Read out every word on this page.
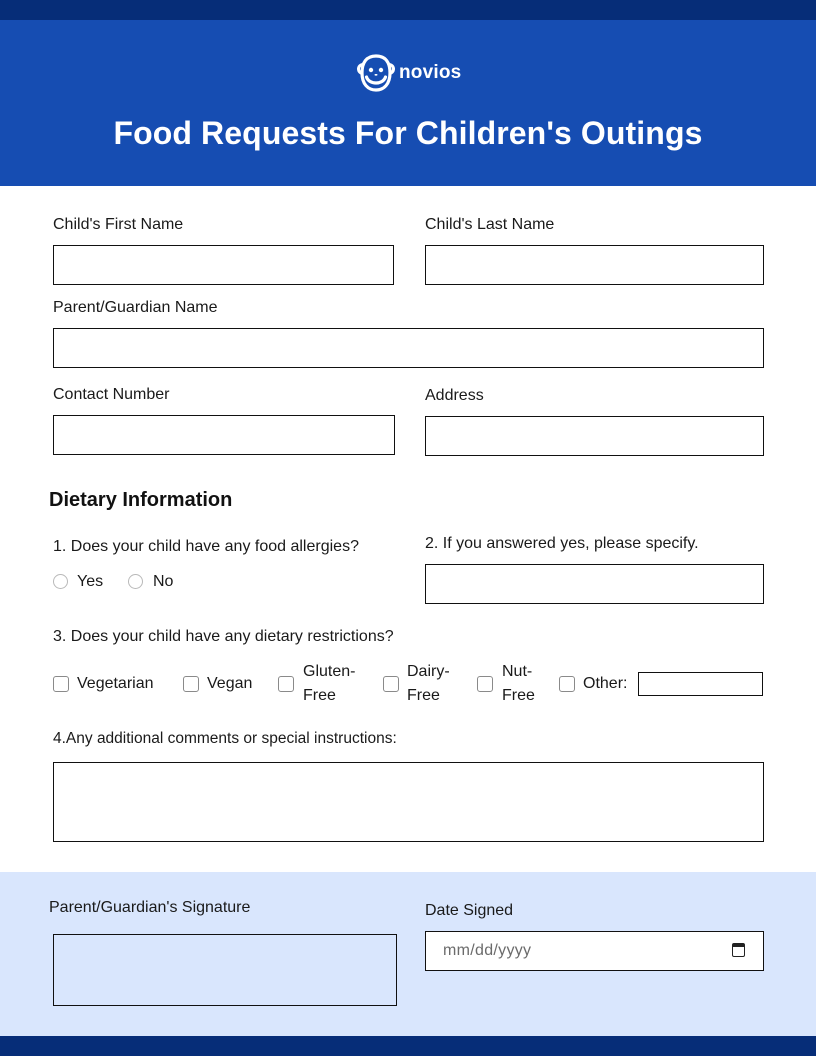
novios
Food Requests For Children's Outings
Child's First Name	Child's Last Name
Parent/Guardian Name
Contact Number	Address
Dietary Information
1. Does your child have any food allergies?
Yes	No
2. If you answered yes, please specify.
3. Does your child have any dietary restrictions?
Vegetarian	Vegan
Gluten-
Free
Dairy-
Free
Nut-
Free
Other:
4.Any additional comments or special instructions:
Parent/Guardian's Signature	Date Signed
mm/dd/yyyy
